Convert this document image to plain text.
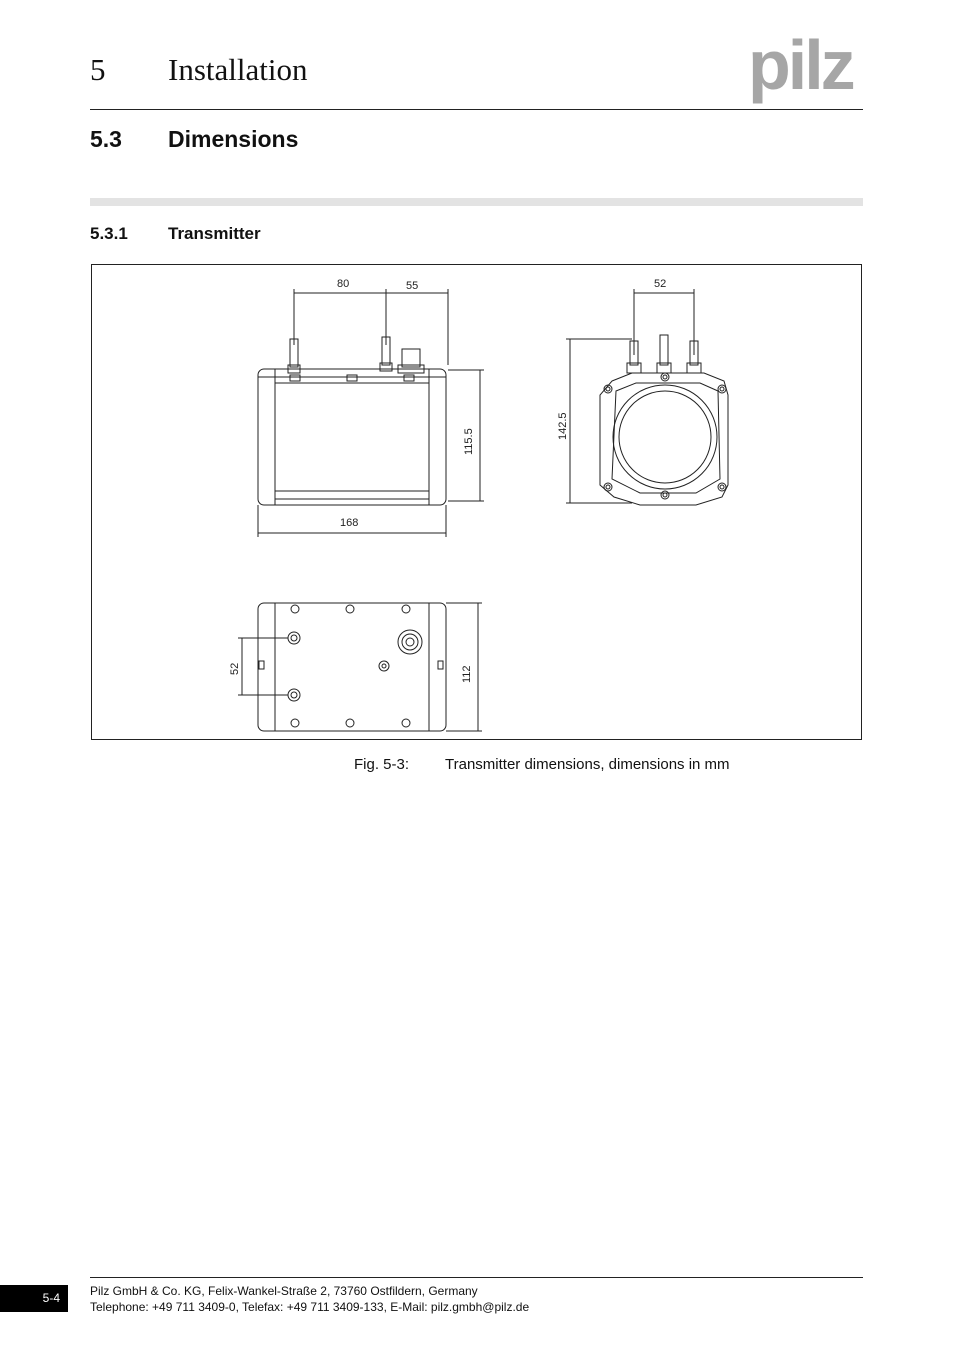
5 Installation	pilz
5.3 Dimensions
5.3.1 Transmitter
80	55
115.5
168
52
142.5
52	112
Fig. 5-3: Transmitter dimensions, dimensions in mm
5-4	Pilz GmbH & Co. KG, Felix-Wankel-Straße 2, 73760 Ostfildern, Germany
Telephone: +49 711 3409-0, Telefax: +49 711 3409-133, E-Mail: pilz.gmbh@pilz.de
